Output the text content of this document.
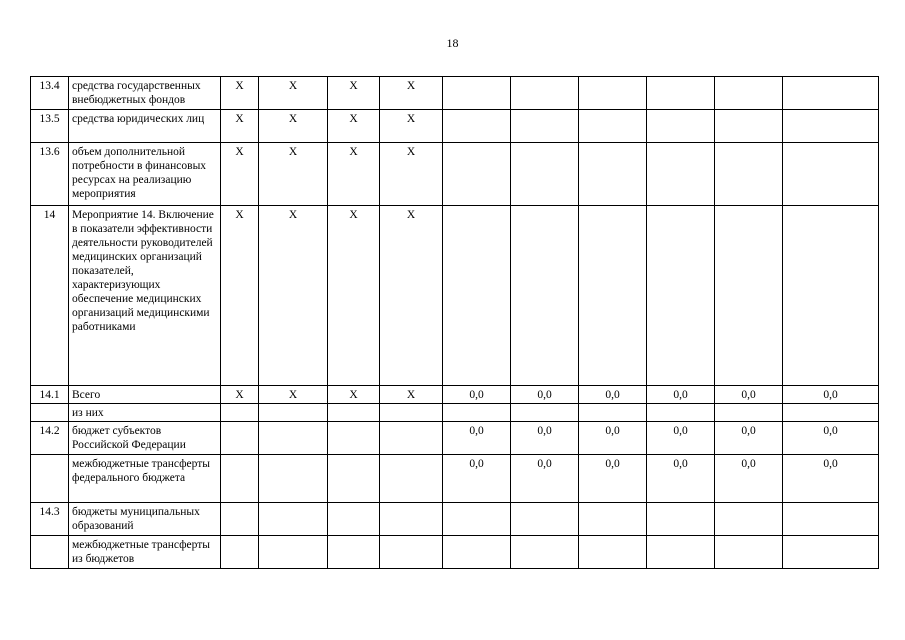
18
13.4	средства государственных внебюджетных фондов	X	X	X	X						
13.5	средства юридических лиц	X	X	X	X						
13.6	объем дополнительной потребности в финансовых ресурсах на реализацию мероприятия	X	X	X	X						
14	Мероприятие 14. Включение в показатели эффективности деятельности руководителей медицинских организаций показателей, характеризующих обеспечение медицинских организаций медицинскими работниками	X	X	X	X						
14.1	Всего	X	X	X	X	0,0	0,0	0,0	0,0	0,0	0,0
	из них										
14.2	бюджет субъектов Российской Федерации					0,0	0,0	0,0	0,0	0,0	0,0
	межбюджетные трансферты федерального бюджета					0,0	0,0	0,0	0,0	0,0	0,0
14.3	бюджеты муниципальных образований										
	межбюджетные трансферты из бюджетов										
